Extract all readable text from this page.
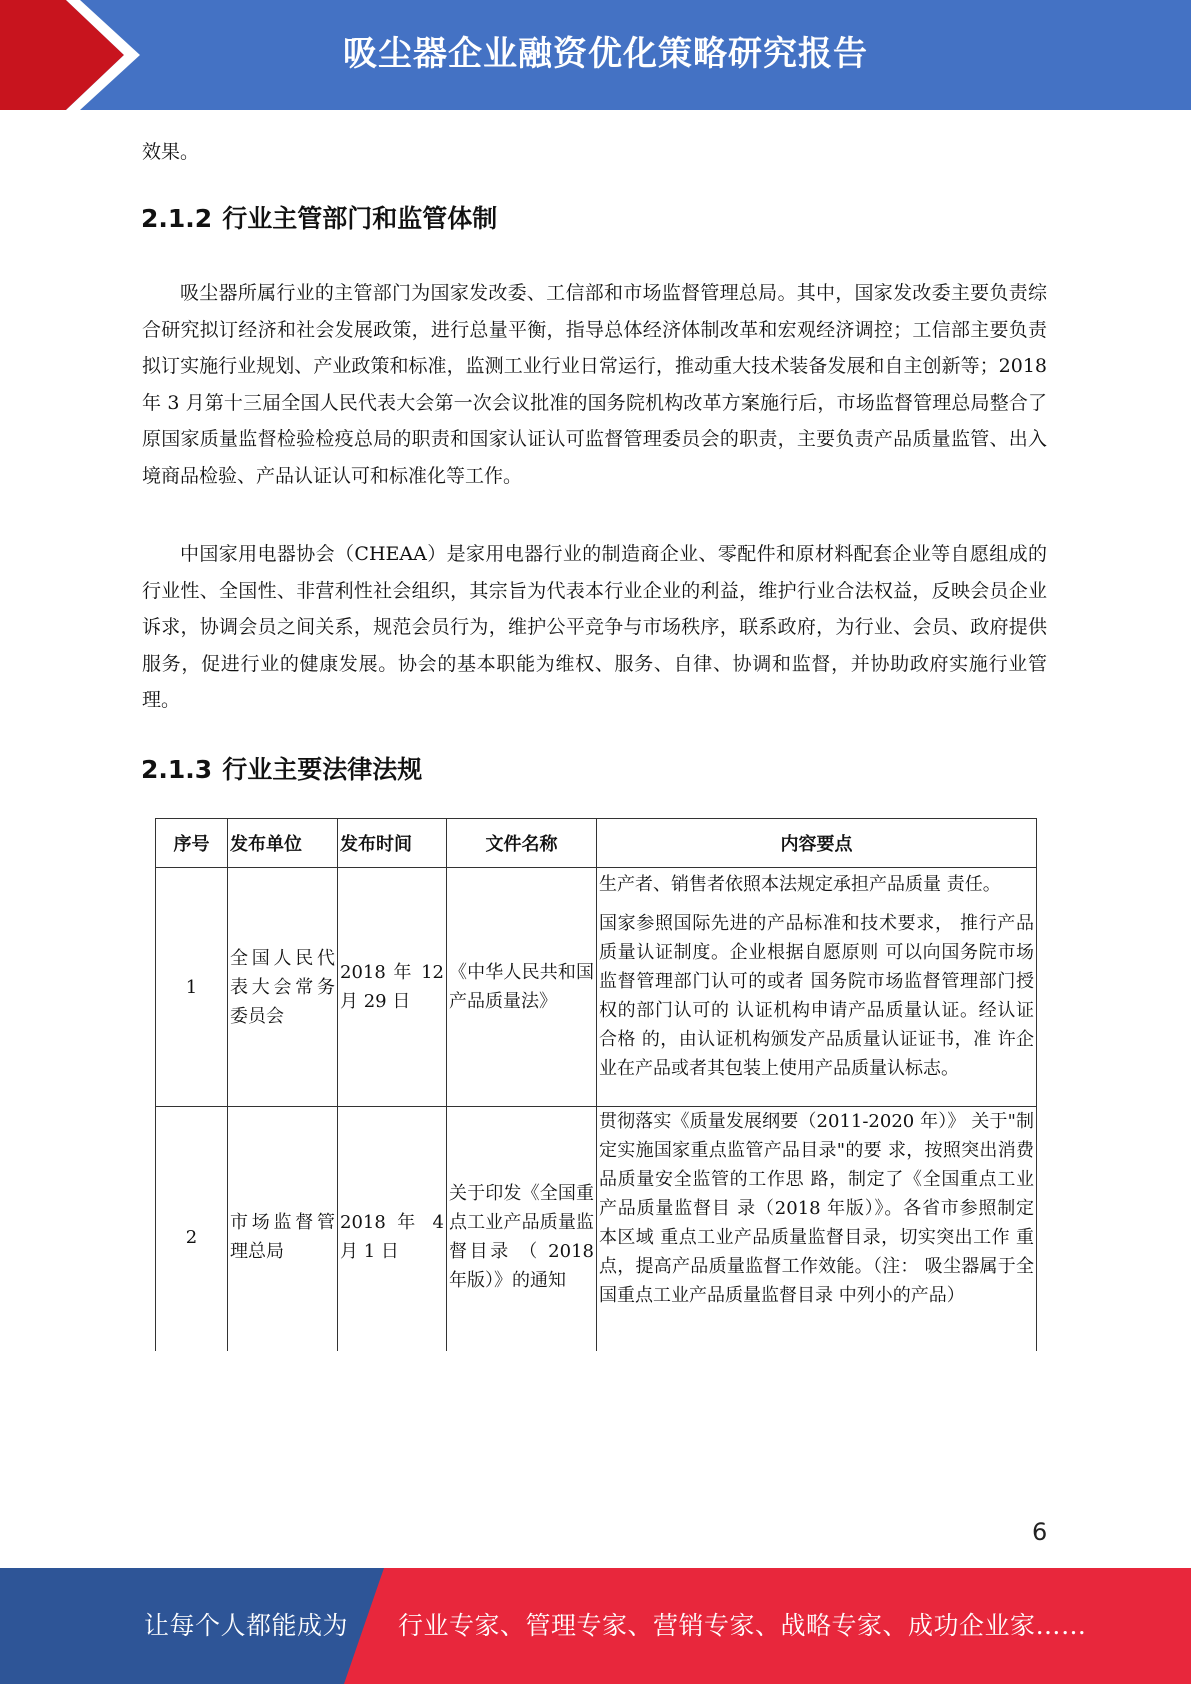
吸尘器企业融资优化策略研究报告
效果。
2.1.2 行业主管部门和监管体制

吸尘器所属行业的主管部门为国家发改委、工信部和市场监督管理总局。其中，国家发改委主要负责综合研究拟订经济和社会发展政策，进行总量平衡，指导总体经济体制改革和宏观经济调控；工信部主要负责拟订实施行业规划、产业政策和标准，监测工业行业日常运行，推动重大技术装备发展和自主创新等；2018 年 3 月第十三届全国人民代表大会第一次会议批准的国务院机构改革方案施行后，市场监督管理总局整合了原国家质量监督检验检疫总局的职责和国家认证认可监督管理委员会的职责，主要负责产品质量监管、出入境商品检验、产品认证认可和标准化等工作。

中国家用电器协会（CHEAA）是家用电器行业的制造商企业、零配件和原材料配套企业等自愿组成的行业性、全国性、非营利性社会组织，其宗旨为代表本行业企业的利益，维护行业合法权益，反映会员企业诉求，协调会员之间关系，规范会员行为，维护公平竞争与市场秩序，联系政府，为行业、会员、政府提供服务，促进行业的健康发展。协会的基本职能为维权、服务、自律、协调和监督，并协助政府实施行业管理。

2.1.3 行业主要法律法规
序号	发布单位	发布时间	文件名称	内容要点
1	全国人民代表大会常务委员会	2018 年 12 月 29 日	《中华人民共和国产品质量法》	生产者、销售者依照本法规定承担产品质量 责任。

国家参照国际先进的产品标准和技术要求， 推行产品质量认证制度。企业根据自愿原则 可以向国务院市场监督管理部门认可的或者 国务院市场监督管理部门授权的部门认可的 认证机构申请产品质量认证。经认证合格 的，由认证机构颁发产品质量认证证书，准 许企业在产品或者其包装上使用产品质量认标志。

2	市场监督管理总局	2018 年 4 月 1 日	关于印发《全国重点工业产品质量监督目录 （ 2018 年版）》的通知	贯彻落实《质量发展纲要（2011-2020 年）》 关于"制定实施国家重点监管产品目录"的要 求，按照突出消费品质量安全监管的工作思 路，制定了《全国重点工业产品质量监督目 录（2018 年版）》。各省市参照制定本区域 重点工业产品质量监督目录，切实突出工作 重点，提高产品质量监督工作效能。（注： 吸尘器属于全国重点工业产品质量监督目录 中列小的产品）

6
让每个人都能成为 行业专家、管理专家、营销专家、战略专家、成功企业家……
